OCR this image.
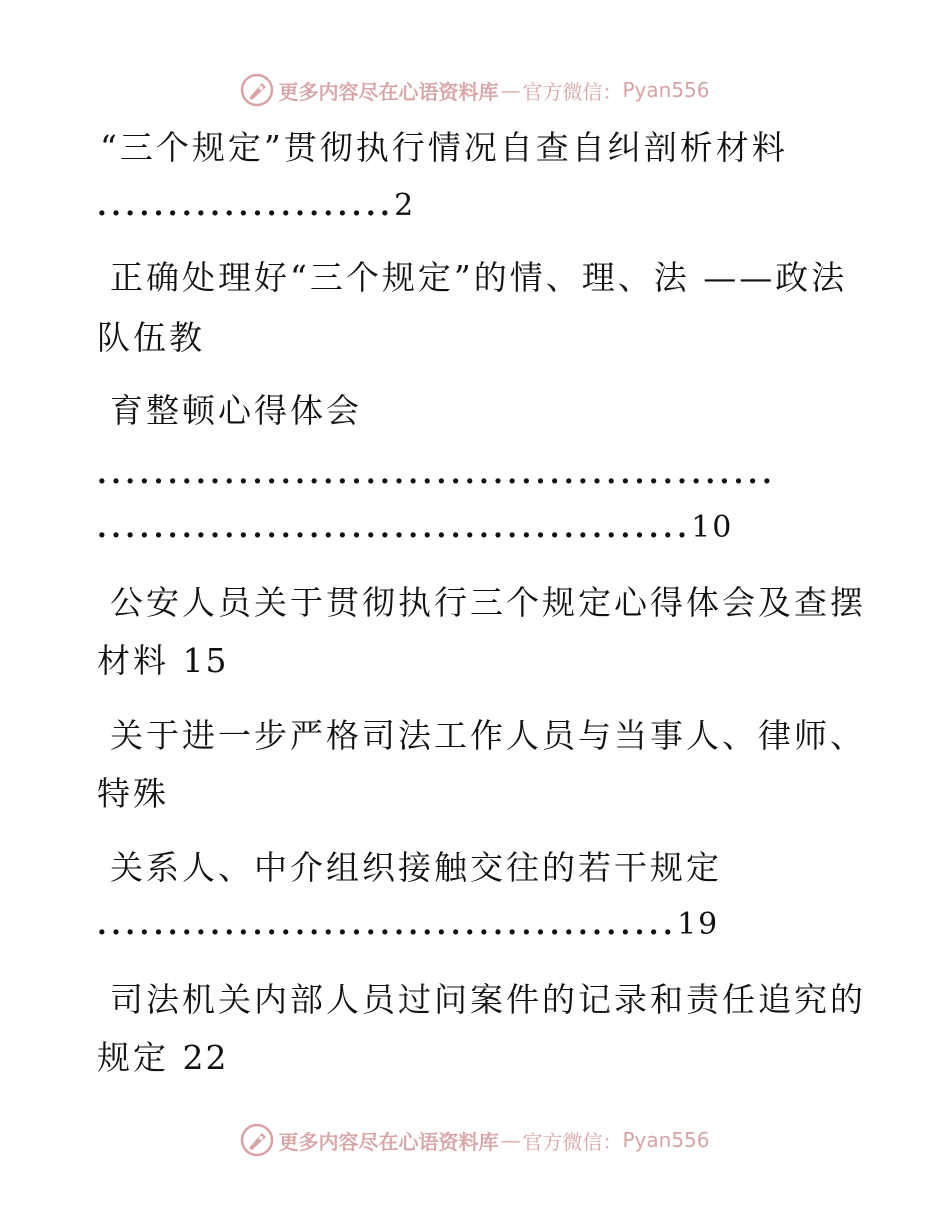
更多内容尽在心语资料库 — 官方微信： Pyan556
“三个规定”贯彻执行情况自查自纠剖析材料
.....................2
正确处理好“三个规定”的情、理、法 ——政法
队伍教
育整顿心得体会
................................................
..........................................10
公安人员关于贯彻执行三个规定心得体会及查摆
材料 15
关于进一步严格司法工作人员与当事人、律师、
特殊
关系人、中介组织接触交往的若干规定
.........................................19
司法机关内部人员过问案件的记录和责任追究的
规定 22
更多内容尽在心语资料库 — 官方微信： Pyan556
